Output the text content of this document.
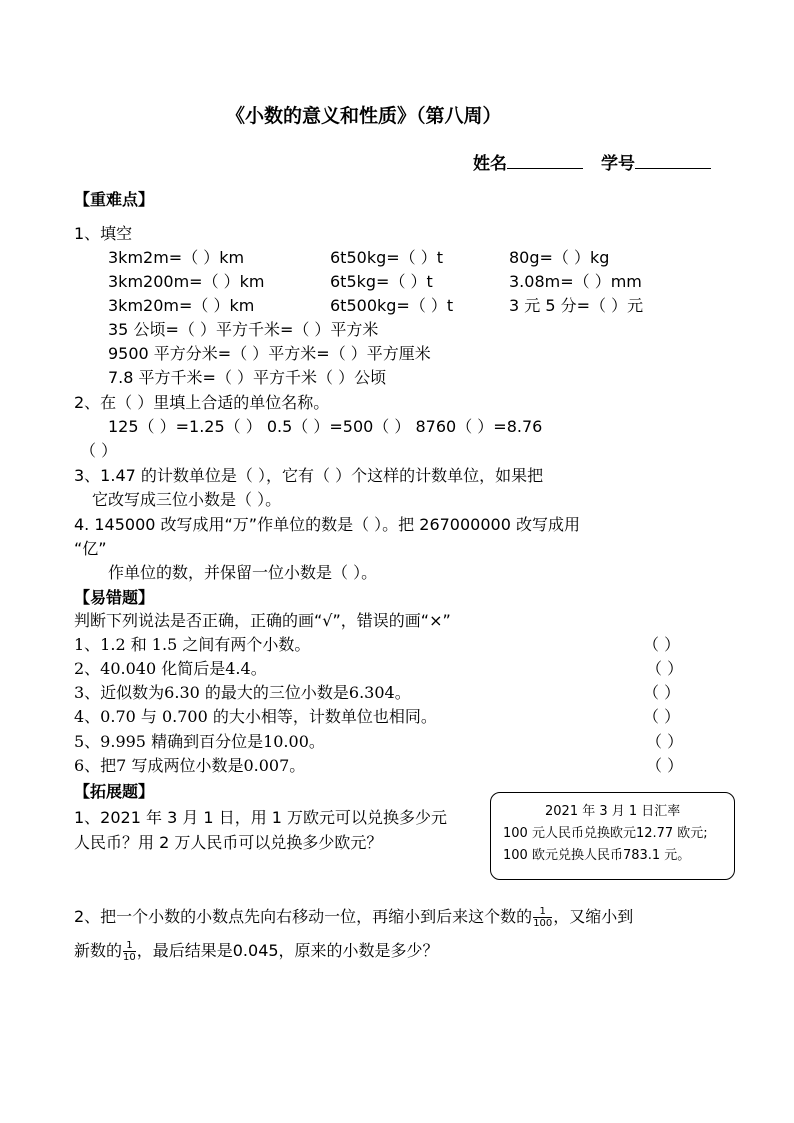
《小数的意义和性质》（第八周）
姓名	学号
【重难点】
1、填空
3km2m=（ ）km	6t50kg=（ ）t	80g=（ ）kg
3km200m=（ ）km	6t5kg=（ ）t	3.08m=（ ）mm
3km20m=（ ）km	6t500kg=（ ）t	3 元 5 分=（ ）元
35 公顷=（ ）平方千米=（ ）平方米
9500 平方分米=（ ）平方米=（ ）平方厘米
7.8 平方千米=（ ）平方千米（ ）公顷
2、在（ ）里填上合适的单位名称。
125（ ）=1.25（ ） 0.5（ ）=500（ ） 8760（ ）=8.76
（ ）
3、1.47 的计数单位是（ ），它有（ ）个这样的计数单位，如果把
它改写成三位小数是（ ）。
4. 145000 改写成用“万”作单位的数是（ ）。把 267000000 改写成用
“亿”
作单位的数，并保留一位小数是（ ）。
【易错题】
判断下列说法是否正确，正确的画“√”，错误的画“×”
1、1.2 和 1.5 之间有两个小数。	（ ）
2、40.040 化简后是4.4。	（ ）
3、近似数为6.30 的最大的三位小数是6.304。	（ ）
4、0.70 与 0.700 的大小相等，计数单位也相同。	（ ）
5、9.995 精确到百分位是10.00。	（ ）
6、把7 写成两位小数是0.007。	（ ）
【拓展题】
1、2021 年 3 月 1 日，用 1 万欧元可以兑换多少元
人民币？用 2 万人民币可以兑换多少欧元？
2021 年 3 月 1 日汇率
100 元人民币兑换欧元12.77 欧元;
100 欧元兑换人民币783.1 元。
2、把一个小数的小数点先向右移动一位，再缩小到后来这个数的 $\frac{1}{100}$ ，又缩小到
新数的 $\frac{1}{10}$ ，最后结果是0.045，原来的小数是多少？
